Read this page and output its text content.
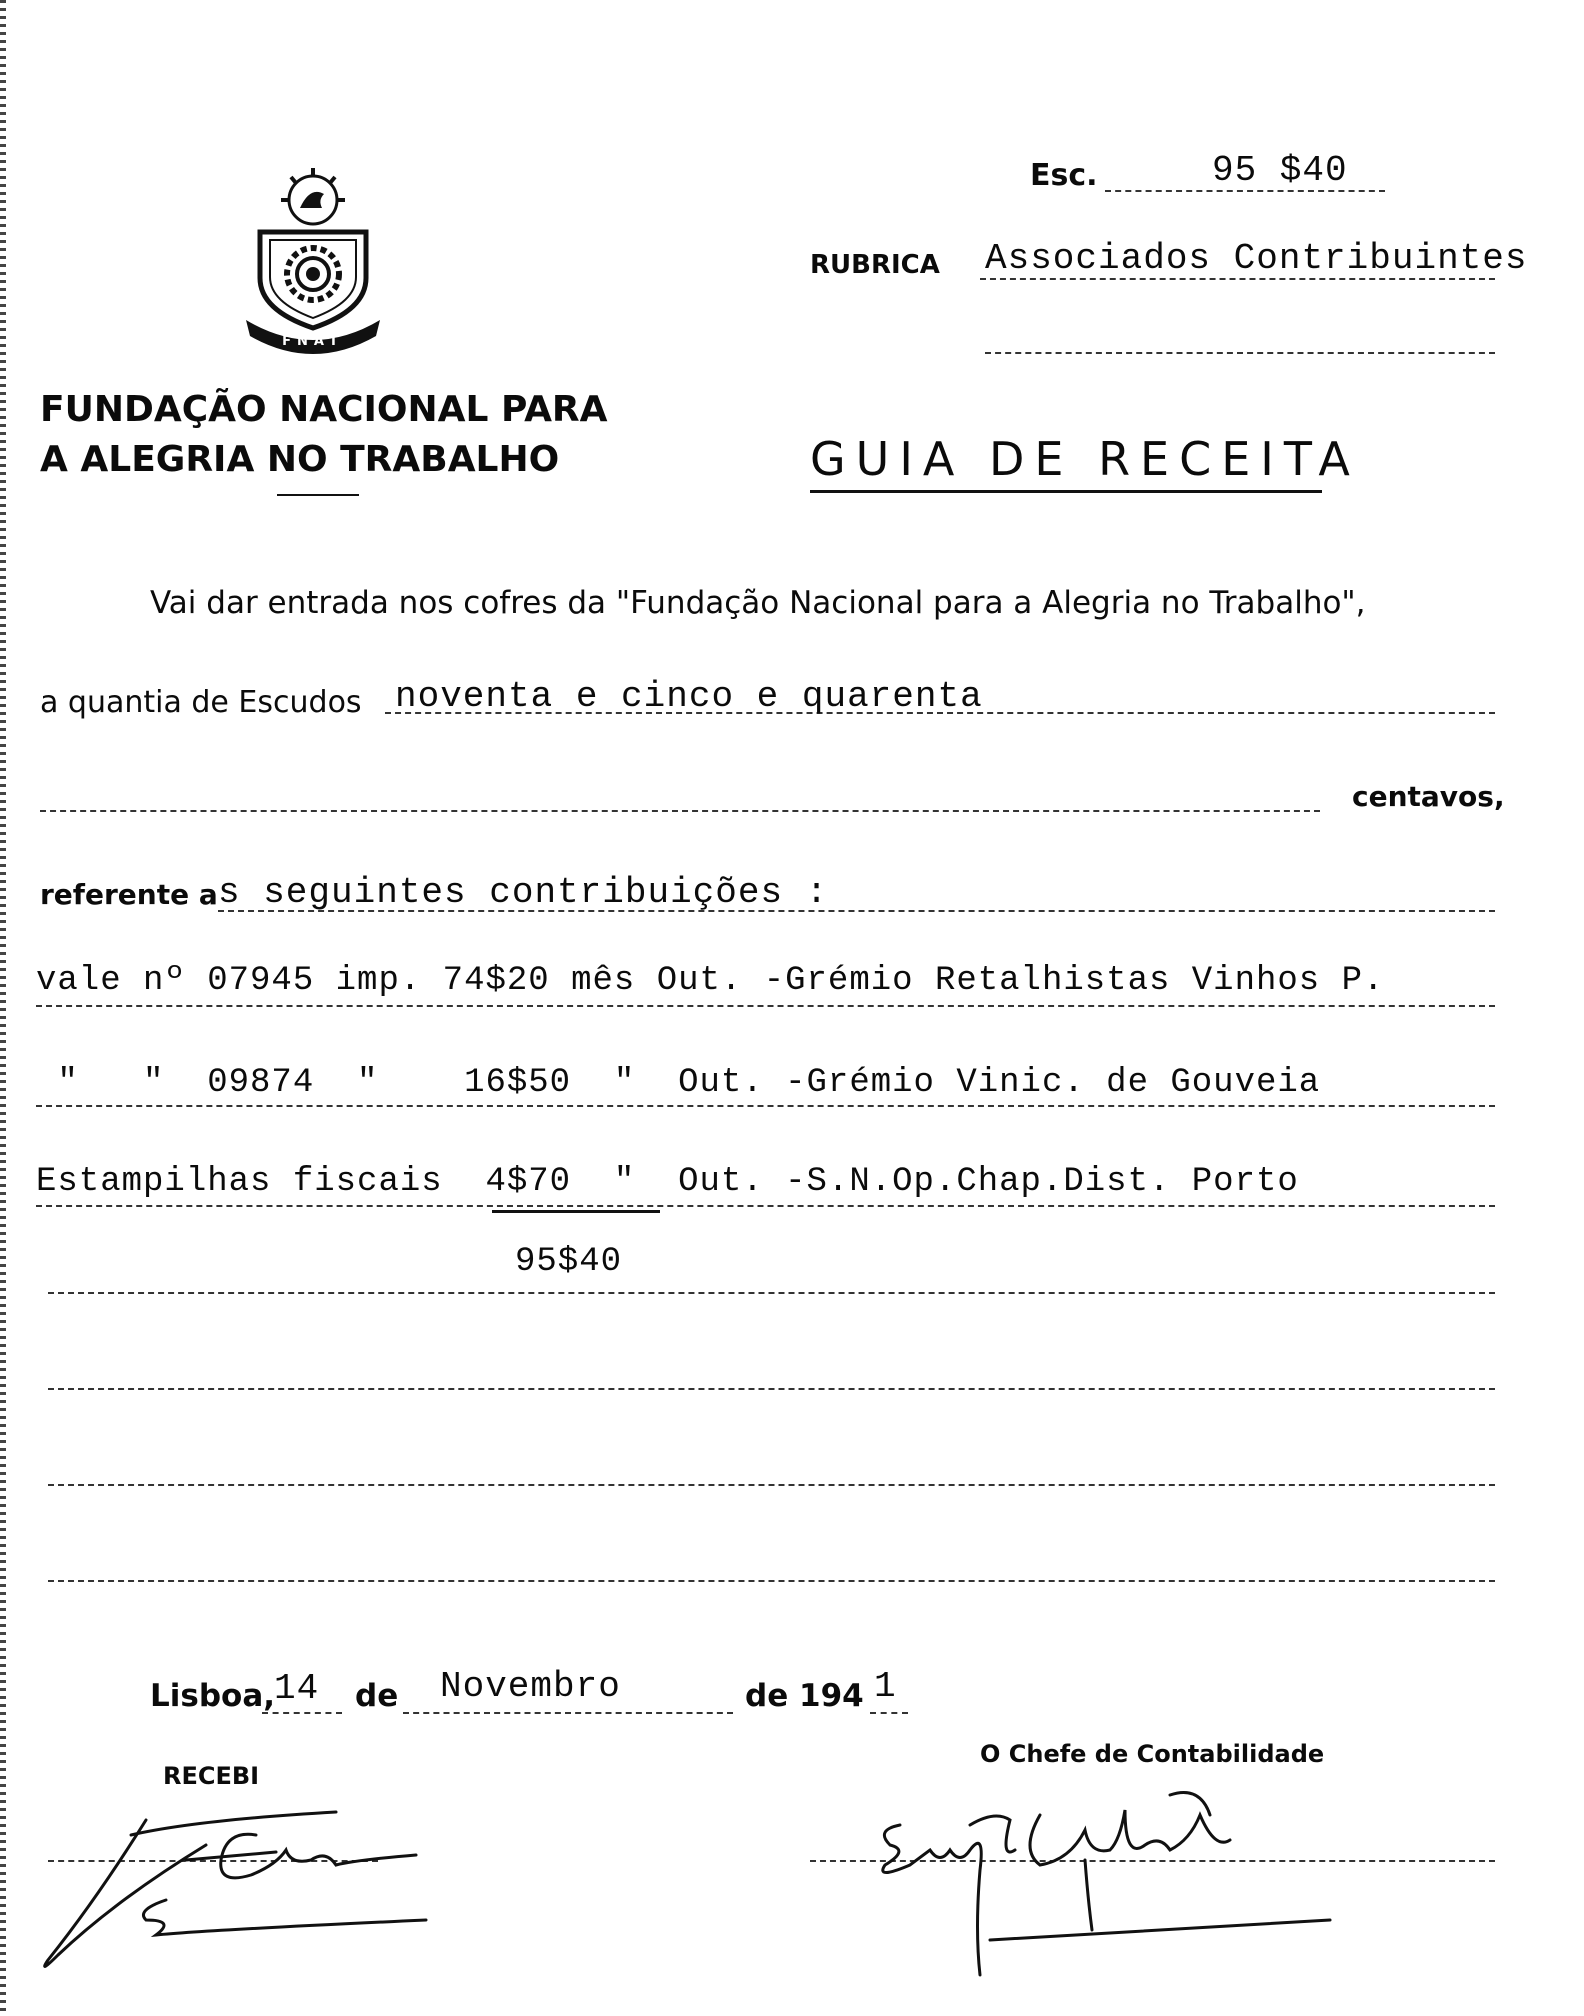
FNAT
FUNDAÇÃO NACIONAL PARA
A ALEGRIA NO TRABALHO
Esc.	95 $40
RUBRICA Associados Contribuintes
GUIA DE RECEITA
Vai dar entrada nos cofres da "Fundação Nacional para a Alegria no Trabalho",
a quantia de Escudos noventa e cinco e quarenta
centavos,
referente a s seguintes contribuições :
vale nº 07945 imp. 74$20 mês Out. -Grémio Retalhistas Vinhos P.
"   "  09874  "    16$50  "  Out. -Grémio Vinic. de Gouveia
Estampilhas fiscais  4$70  "  Out. -S.N.Op.Chap.Dist. Porto
95$40
Lisboa,
14 de Novembro	de 194 1
RECEBI
O Chefe de Contabilidade
